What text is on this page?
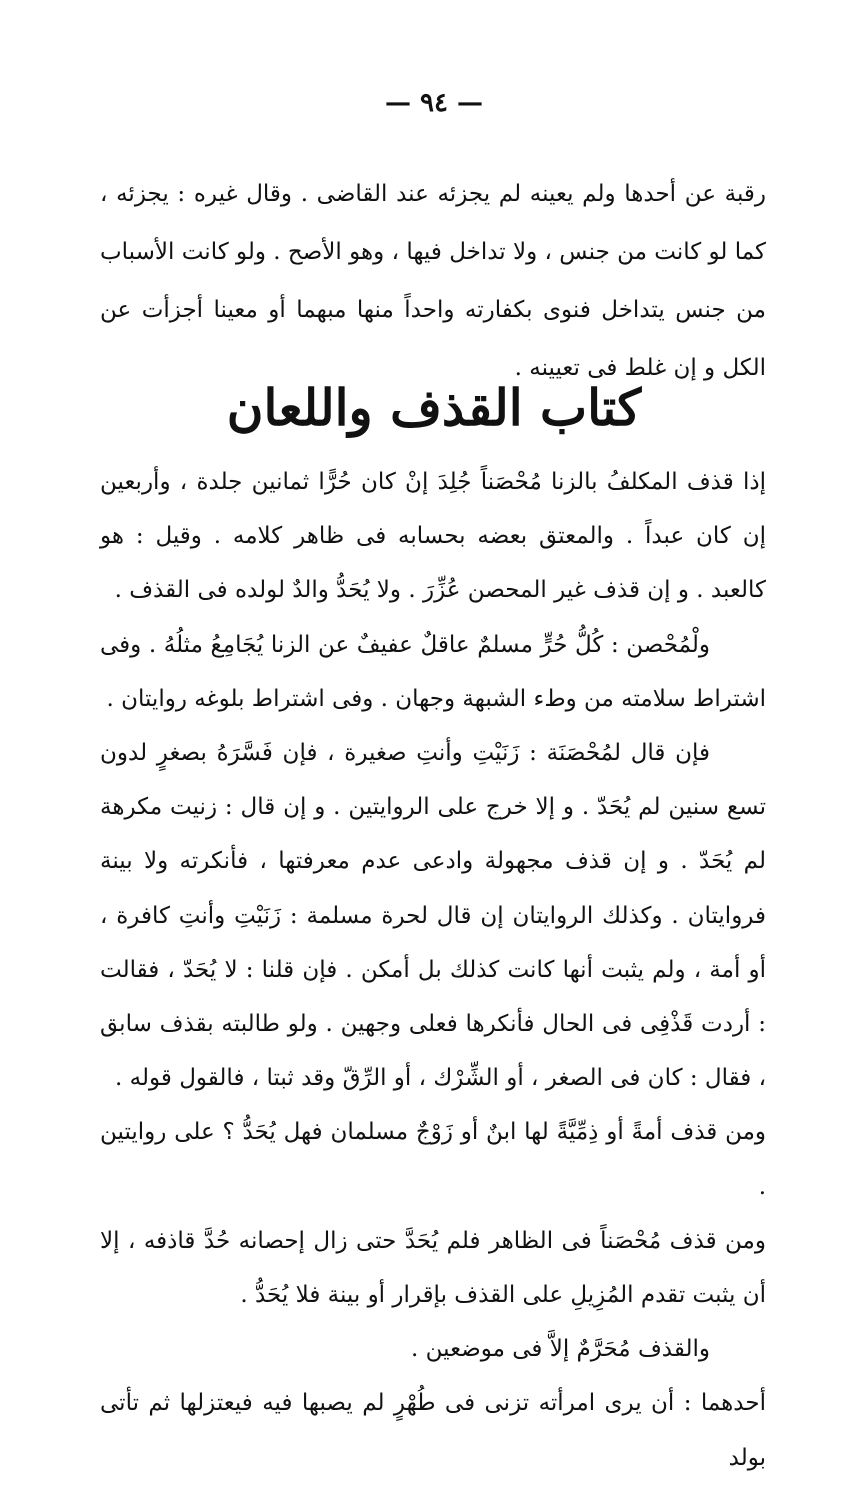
— ٩٤ —

رقبة عن أحدها ولم يعينه لم يجزئه عند القاضى . وقال غيره : يجزئه ، كما لو كانت من جنس ، ولا تداخل فيها ، وهو الأصح . ولو كانت الأسباب من جنس يتداخل فنوى بكفارته واحداً منها مبهما أو معينا أجزأت عن الكل و إن غلط فى تعيينه .

كتاب القذف واللعان

إذا قذف المكلفُ بالزنا مُحْصَناً جُلِدَ إنْ كان حُرًّا ثمانين جلدة ، وأربعين إن كان عبداً . والمعتق بعضه بحسابه فى ظاهر كلامه . وقيل : هو كالعبد . و إن قذف غير المحصن عُزِّرَ . ولا يُحَدُّ والدٌ لولده فى القذف .

ولْمُحْصن : كُلُّ حُرٍّ مسلمٌ عاقلٌ عفيفٌ عن الزنا يُجَامِعُ مثلُهُ . وفى اشتراط سلامته من وطء الشبهة وجهان . وفى اشتراط بلوغه روايتان .

فإن قال لمُحْصَنَة : زَنَيْتِ وأنتِ صغيرة ، فإن فَسَّرَهُ بصغرٍ لدون تسع سنين لم يُحَدّ . و إلا خرج على الروايتين . و إن قال : زنيت مكرهة لم يُحَدّ . و إن قذف مجهولة وادعى عدم معرفتها ، فأنكرته ولا بينة فروايتان . وكذلك الروايتان إن قال لحرة مسلمة : زَنَيْتِ وأنتِ كافرة ، أو أمة ، ولم يثبت أنها كانت كذلك بل أمكن . فإن قلنا : لا يُحَدّ ، فقالت : أردت قَذْفِى فى الحال فأنكرها فعلى وجهين . ولو طالبته بقذف سابق ، فقال : كان فى الصغر ، أو الشِّرْك ، أو الرِّقّ وقد ثبتا ، فالقول قوله .

ومن قذف أمةً أو ذِمِّيَّةً لها ابنٌ أو زَوْجٌ مسلمان فهل يُحَدُّ ؟ على روايتين .

ومن قذف مُحْصَناً فى الظاهر فلم يُحَدَّ حتى زال إحصانه حُدَّ قاذفه ، إلا أن يثبت تقدم المُزِيلِ على القذف بإقرار أو بينة فلا يُحَدُّ .

والقذف مُحَرَّمٌ إلاَّ فى موضعين .

أحدهما : أن يرى امرأته تزنى فى طُهْرٍ لم يصبها فيه فيعتزلها ثم تأتى بولد
